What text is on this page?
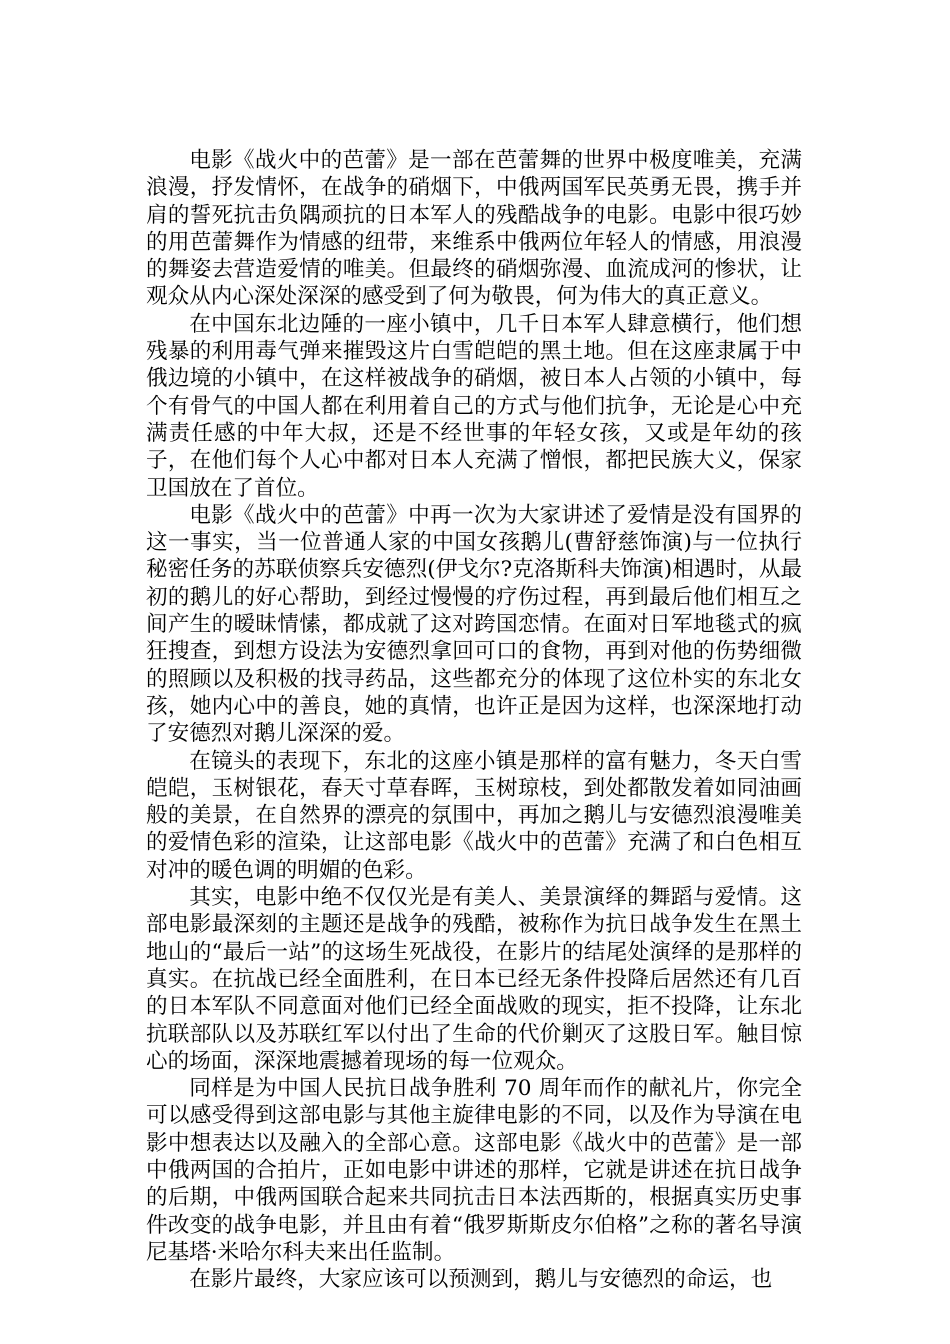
电影《战火中的芭蕾》是一部在芭蕾舞的世界中极度唯美，充满浪漫，抒发情怀，在战争的硝烟下，中俄两国军民英勇无畏，携手并肩的誓死抗击负隅顽抗的日本军人的残酷战争的电影。电影中很巧妙的用芭蕾舞作为情感的纽带，来维系中俄两位年轻人的情感，用浪漫的舞姿去营造爱情的唯美。但最终的硝烟弥漫、血流成河的惨状，让观众从内心深处深深的感受到了何为敬畏，何为伟大的真正意义。

在中国东北边陲的一座小镇中，几千日本军人肆意横行，他们想残暴的利用毒气弹来摧毁这片白雪皑皑的黑土地。但在这座隶属于中俄边境的小镇中，在这样被战争的硝烟，被日本人占领的小镇中，每个有骨气的中国人都在利用着自己的方式与他们抗争，无论是心中充满责任感的中年大叔，还是不经世事的年轻女孩，又或是年幼的孩子，在他们每个人心中都对日本人充满了憎恨，都把民族大义，保家卫国放在了首位。

电影《战火中的芭蕾》中再一次为大家讲述了爱情是没有国界的这一事实，当一位普通人家的中国女孩鹅儿(曹舒慈饰演)与一位执行秘密任务的苏联侦察兵安德烈(伊戈尔?克洛斯科夫饰演)相遇时，从最初的鹅儿的好心帮助，到经过慢慢的疗伤过程，再到最后他们相互之间产生的暧昧情愫，都成就了这对跨国恋情。在面对日军地毯式的疯狂搜查，到想方设法为安德烈拿回可口的食物，再到对他的伤势细微的照顾以及积极的找寻药品，这些都充分的体现了这位朴实的东北女孩，她内心中的善良，她的真情，也许正是因为这样，也深深地打动了安德烈对鹅儿深深的爱。

在镜头的表现下，东北的这座小镇是那样的富有魅力，冬天白雪皑皑，玉树银花，春天寸草春晖，玉树琼枝，到处都散发着如同油画般的美景，在自然界的漂亮的氛围中，再加之鹅儿与安德烈浪漫唯美的爱情色彩的渲染，让这部电影《战火中的芭蕾》充满了和白色相互对冲的暖色调的明媚的色彩。

其实，电影中绝不仅仅光是有美人、美景演绎的舞蹈与爱情。这部电影最深刻的主题还是战争的残酷，被称作为抗日战争发生在黑土地山的“最后一站”的这场生死战役，在影片的结尾处演绎的是那样的真实。在抗战已经全面胜利，在日本已经无条件投降后居然还有几百的日本军队不同意面对他们已经全面战败的现实，拒不投降，让东北抗联部队以及苏联红军以付出了生命的代价剿灭了这股日军。触目惊心的场面，深深地震撼着现场的每一位观众。

同样是为中国人民抗日战争胜利 70 周年而作的献礼片，你完全可以感受得到这部电影与其他主旋律电影的不同，以及作为导演在电影中想表达以及融入的全部心意。这部电影《战火中的芭蕾》是一部中俄两国的合拍片，正如电影中讲述的那样，它就是讲述在抗日战争的后期，中俄两国联合起来共同抗击日本法西斯的，根据真实历史事件改变的战争电影，并且由有着“俄罗斯斯皮尔伯格”之称的著名导演尼基塔·米哈尔科夫来出任监制。

在影片最终，大家应该可以预测到，鹅儿与安德烈的命运，也
